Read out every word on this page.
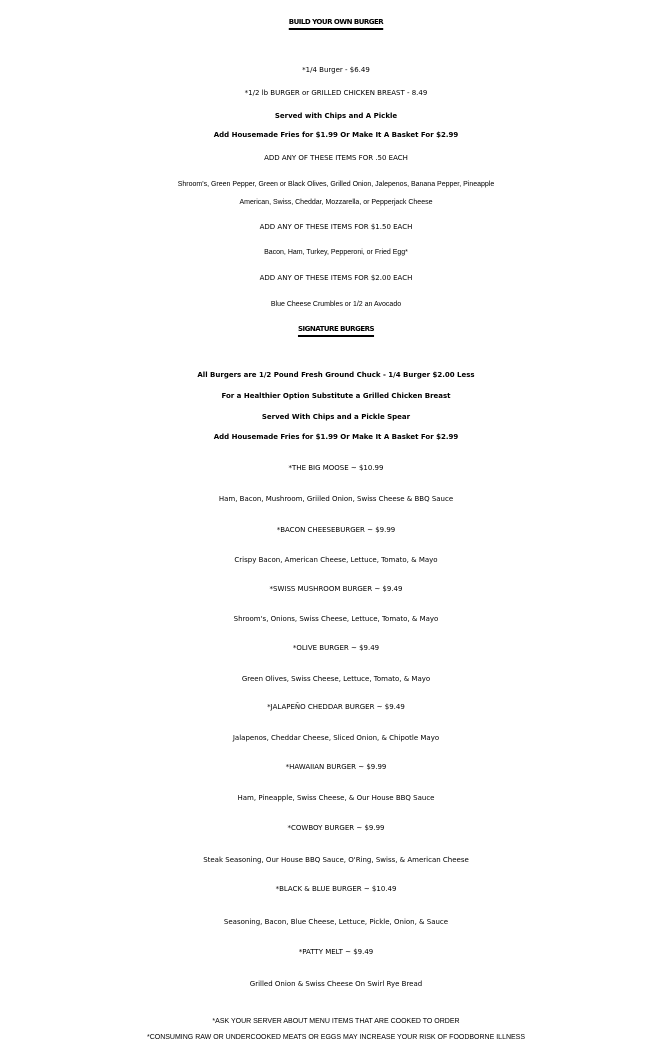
BUILD YOUR OWN BURGER
*1/4 Burger - $6.49
*1/2 lb BURGER or GRILLED CHICKEN BREAST - 8.49
Served with Chips and A Pickle
Add Housemade Fries for $1.99 Or Make It A Basket For $2.99
ADD ANY OF THESE ITEMS FOR .50 EACH
Shroom's, Green Pepper, Green or Black Olives, Grilled Onion, Jalepenos, Banana Pepper, Pineapple
American, Swiss, Cheddar, Mozzarella, or Pepperjack Cheese
ADD ANY OF THESE ITEMS FOR $1.50 EACH
Bacon, Ham, Turkey, Pepperoni, or Fried Egg*
ADD ANY OF THESE ITEMS FOR $2.00 EACH
Blue Cheese Crumbles or 1/2 an Avocado
SIGNATURE BURGERS
All Burgers are 1/2 Pound Fresh Ground Chuck - 1/4 Burger $2.00 Less
For a Healthier Option Substitute a Grilled Chicken Breast
Served With Chips and a Pickle Spear
Add Housemade Fries for $1.99 Or Make It A Basket For $2.99
*THE BIG MOOSE ~ $10.99
Ham, Bacon, Mushroom, Griiled Onion, Swiss Cheese & BBQ Sauce
*BACON CHEESEBURGER ~ $9.99
Crispy Bacon, American Cheese, Lettuce, Tomato, & Mayo
*SWISS MUSHROOM BURGER ~ $9.49
Shroom's, Onions, Swiss Cheese, Lettuce, Tomato, & Mayo
*OLIVE BURGER ~ $9.49
Green Olives, Swiss Cheese, Lettuce, Tomato, & Mayo
*JALAPEÑO CHEDDAR BURGER ~ $9.49
Jalapenos, Cheddar Cheese, Sliced Onion, & Chipotle Mayo
*HAWAIIAN BURGER ~ $9.99
Ham, Pineapple, Swiss Cheese, & Our House BBQ Sauce
*COWBOY BURGER ~ $9.99
Steak Seasoning, Our House BBQ Sauce, O'Ring, Swiss, & American Cheese
*BLACK & BLUE BURGER ~ $10.49
Seasoning, Bacon, Blue Cheese, Lettuce, Pickle, Onion, & Sauce
*PATTY MELT ~ $9.49
Grilled Onion & Swiss Cheese On Swirl Rye Bread
*ASK YOUR SERVER ABOUT MENU ITEMS THAT ARE COOKED TO ORDER
*CONSUMING RAW OR UNDERCOOKED MEATS OR EGGS MAY INCREASE YOUR RISK OF FOODBORNE ILLNESS
